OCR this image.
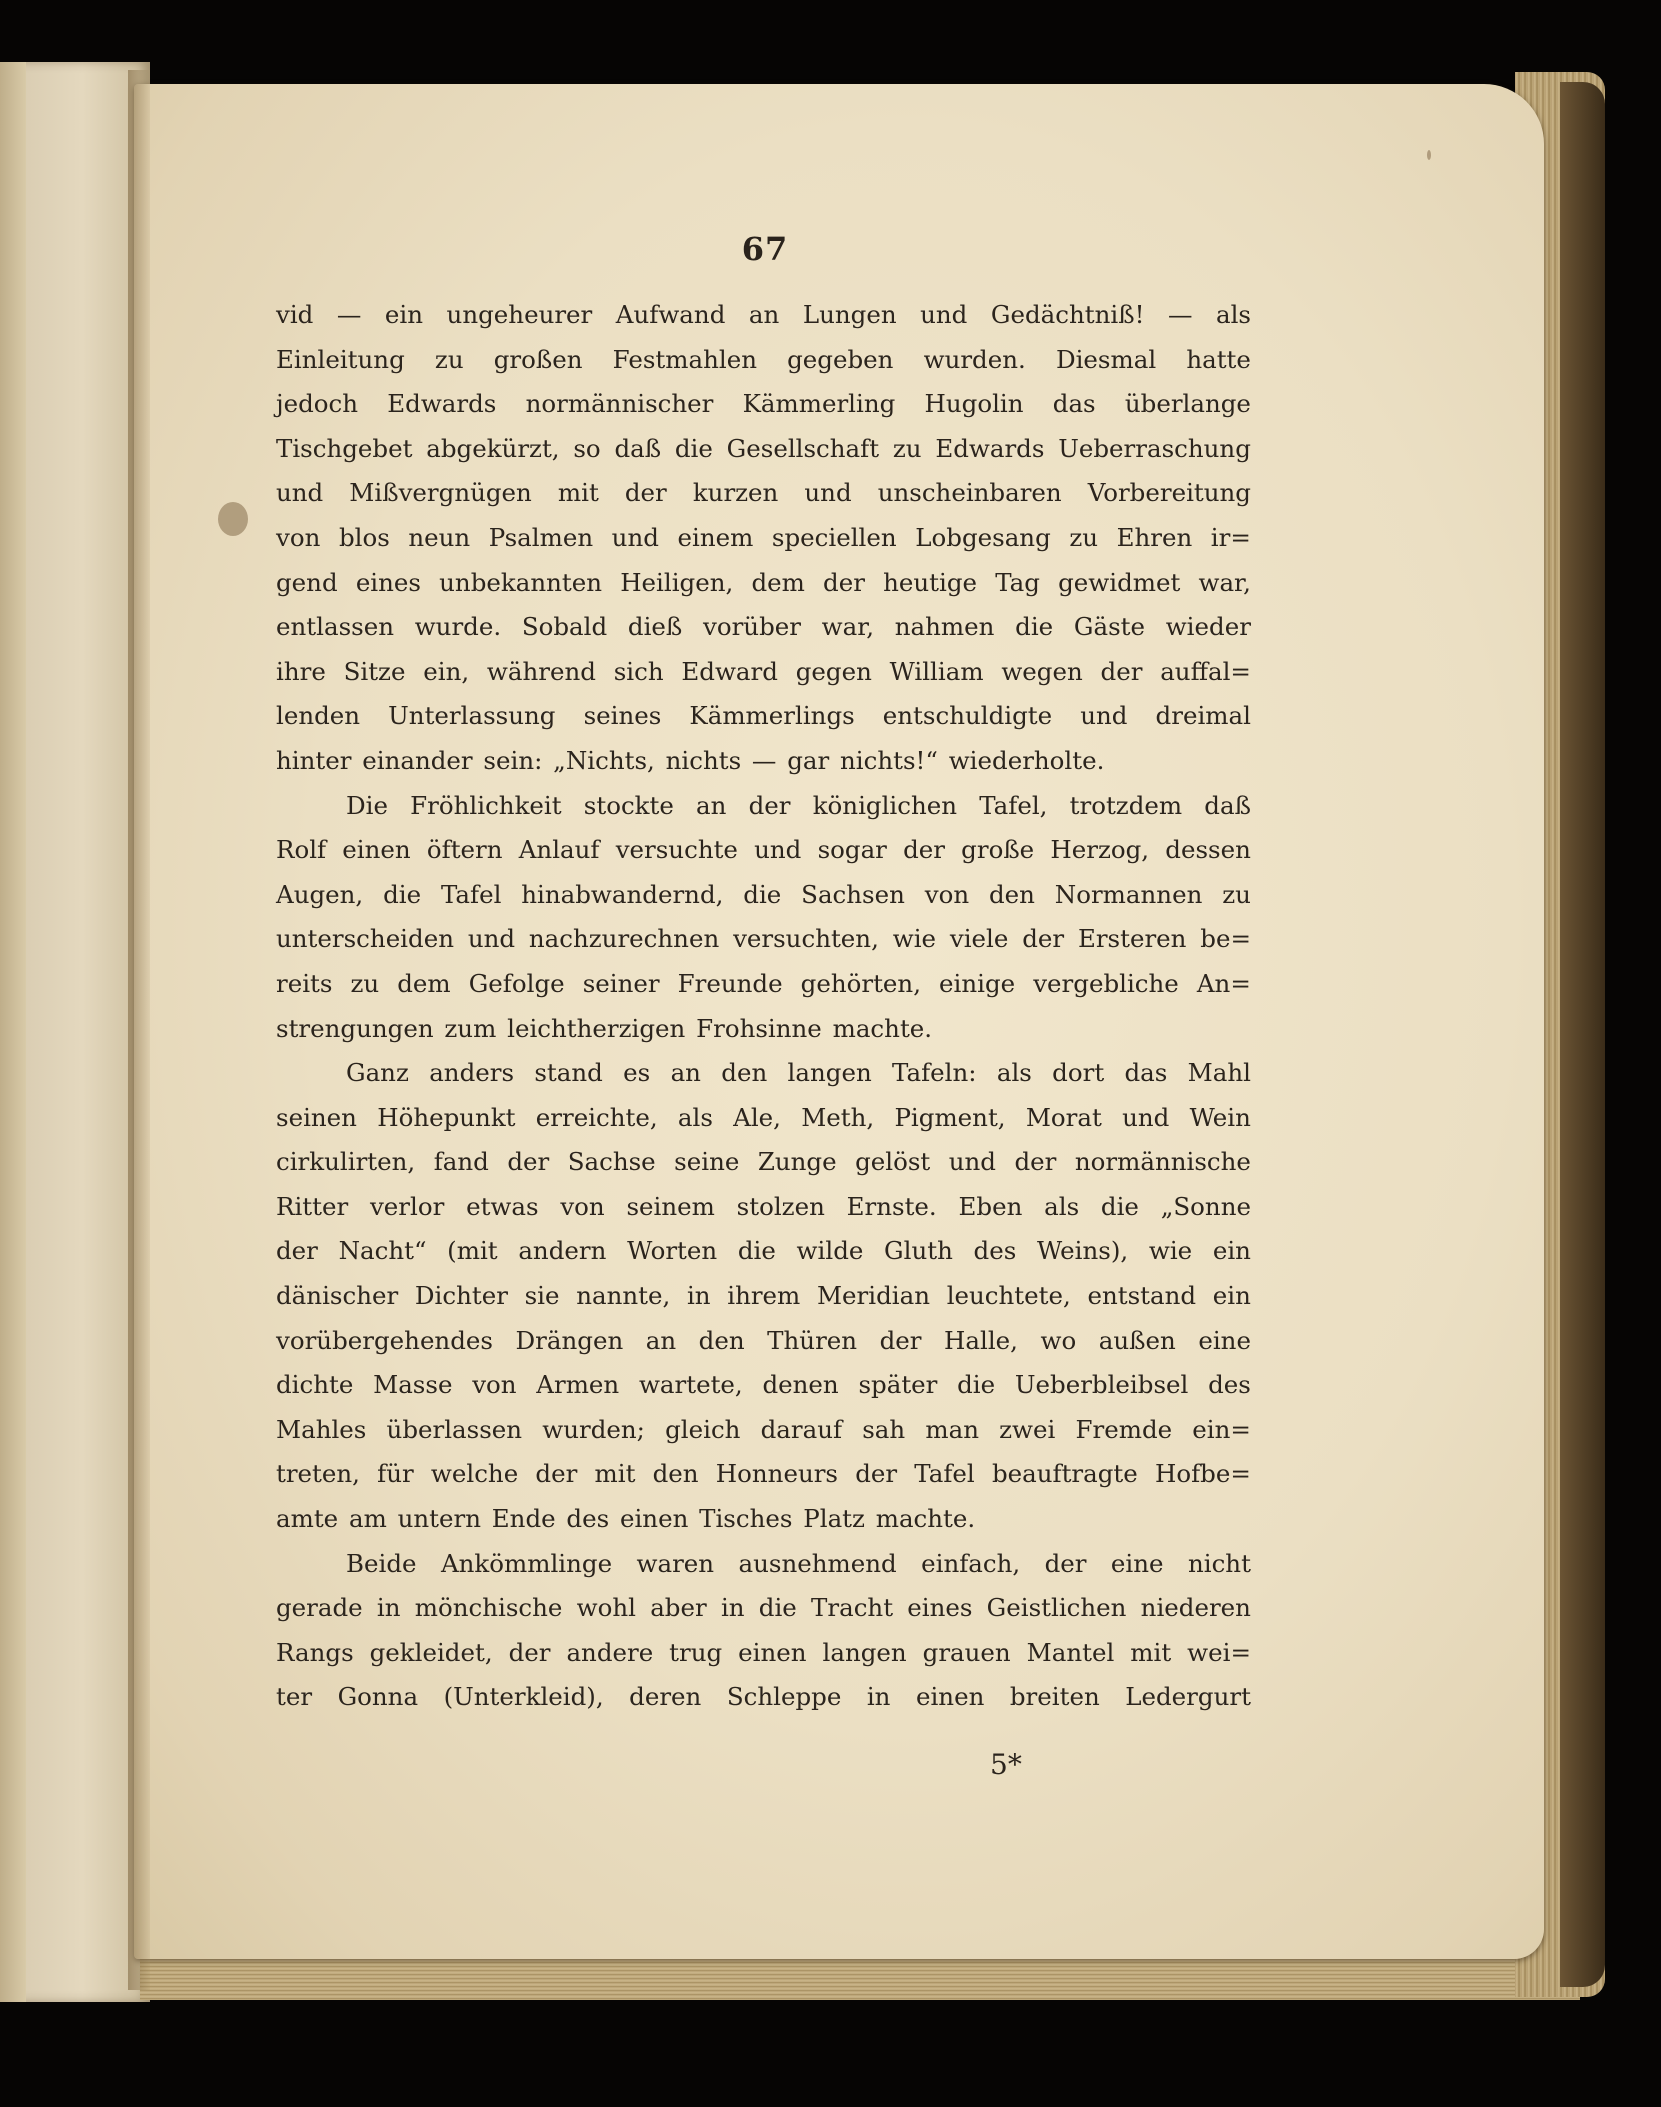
67
vid — ein ungeheurer Aufwand an Lungen und Gedächtniß! — als
Einleitung zu großen Festmahlen gegeben wurden. Diesmal hatte
jedoch Edwards normännischer Kämmerling Hugolin das überlange
Tischgebet abgekürzt, so daß die Gesellschaft zu Edwards Ueberraschung
und Mißvergnügen mit der kurzen und unscheinbaren Vorbereitung
von blos neun Psalmen und einem speciellen Lobgesang zu Ehren ir=
gend eines unbekannten Heiligen, dem der heutige Tag gewidmet war,
entlassen wurde. Sobald dieß vorüber war, nahmen die Gäste wieder
ihre Sitze ein, während sich Edward gegen William wegen der auffal=
lenden Unterlassung seines Kämmerlings entschuldigte und dreimal
hinter einander sein: „Nichts, nichts — gar nichts!“ wiederholte.
Die Fröhlichkeit stockte an der königlichen Tafel, trotzdem daß
Rolf einen öftern Anlauf versuchte und sogar der große Herzog, dessen
Augen, die Tafel hinabwandernd, die Sachsen von den Normannen zu
unterscheiden und nachzurechnen versuchten, wie viele der Ersteren be=
reits zu dem Gefolge seiner Freunde gehörten, einige vergebliche An=
strengungen zum leichtherzigen Frohsinne machte.
Ganz anders stand es an den langen Tafeln: als dort das Mahl
seinen Höhepunkt erreichte, als Ale, Meth, Pigment, Morat und Wein
cirkulirten, fand der Sachse seine Zunge gelöst und der normännische
Ritter verlor etwas von seinem stolzen Ernste. Eben als die „Sonne
der Nacht“ (mit andern Worten die wilde Gluth des Weins), wie ein
dänischer Dichter sie nannte, in ihrem Meridian leuchtete, entstand ein
vorübergehendes Drängen an den Thüren der Halle, wo außen eine
dichte Masse von Armen wartete, denen später die Ueberbleibsel des
Mahles überlassen wurden; gleich darauf sah man zwei Fremde ein=
treten, für welche der mit den Honneurs der Tafel beauftragte Hofbe=
amte am untern Ende des einen Tisches Platz machte.
Beide Ankömmlinge waren ausnehmend einfach, der eine nicht
gerade in mönchische wohl aber in die Tracht eines Geistlichen niederen
Rangs gekleidet, der andere trug einen langen grauen Mantel mit wei=
ter Gonna (Unterkleid), deren Schleppe in einen breiten Ledergurt
5*
